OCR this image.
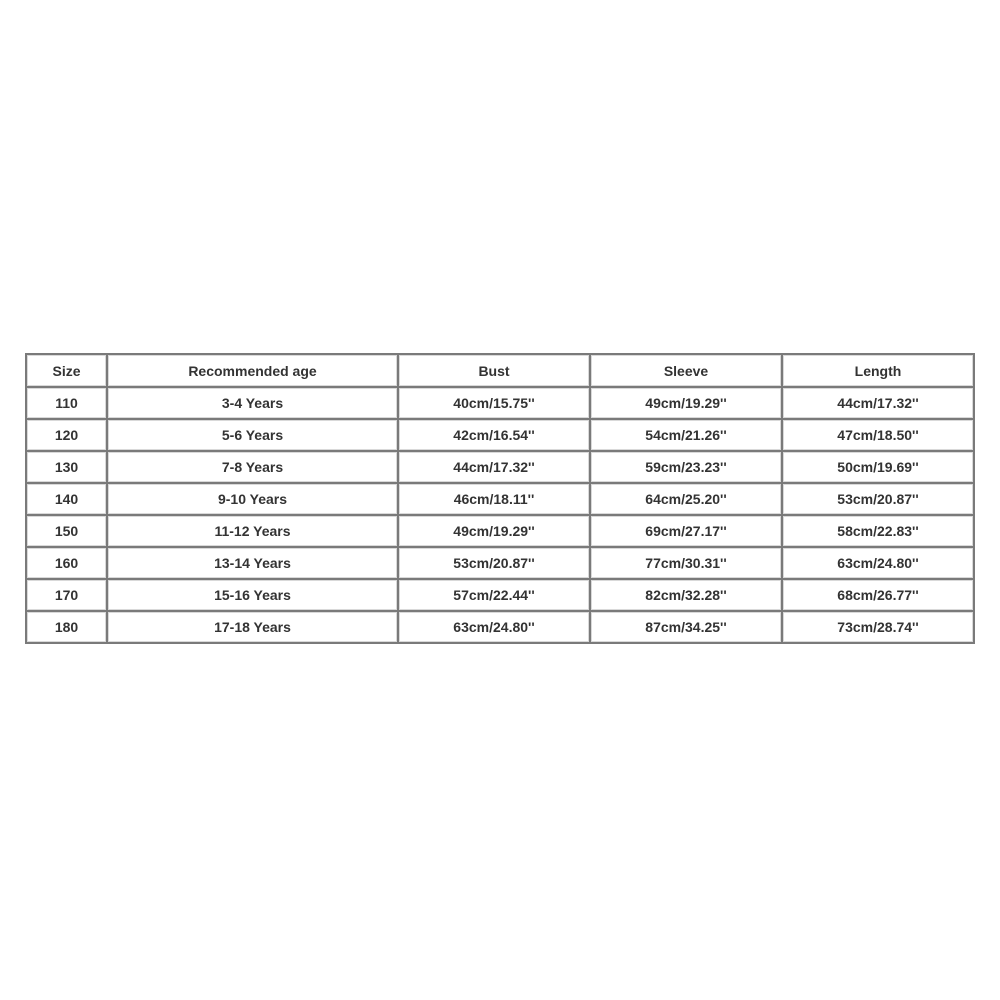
Size	Recommended age	Bust	Sleeve	Length
110	3-4 Years	40cm/15.75''	49cm/19.29''	44cm/17.32''
120	5-6 Years	42cm/16.54''	54cm/21.26''	47cm/18.50''
130	7-8 Years	44cm/17.32''	59cm/23.23''	50cm/19.69''
140	9-10 Years	46cm/18.11''	64cm/25.20''	53cm/20.87''
150	11-12 Years	49cm/19.29''	69cm/27.17''	58cm/22.83''
160	13-14 Years	53cm/20.87''	77cm/30.31''	63cm/24.80''
170	15-16 Years	57cm/22.44''	82cm/32.28''	68cm/26.77''
180	17-18 Years	63cm/24.80''	87cm/34.25''	73cm/28.74''
